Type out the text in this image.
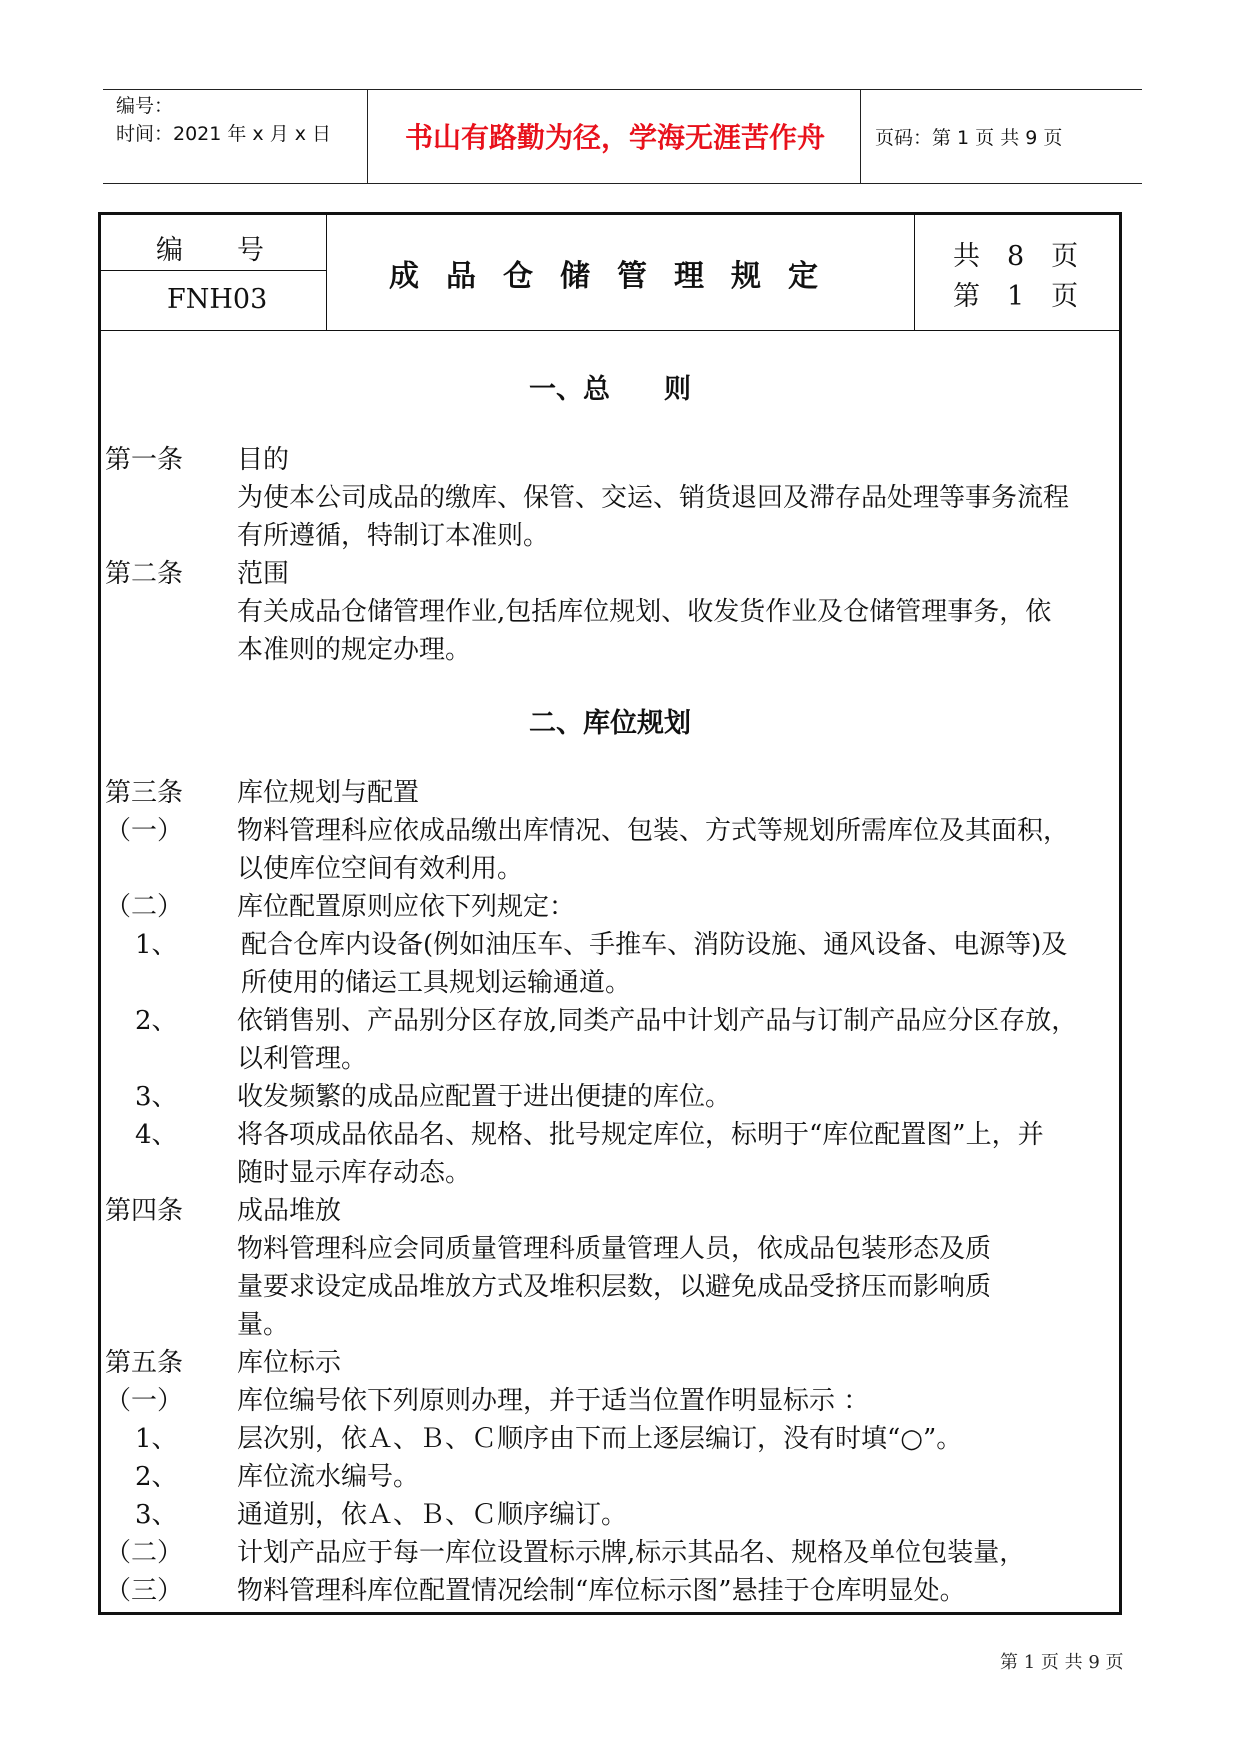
编号：
时间：2021 年 x 月 x 日	书山有路勤为径，学海无涯苦作舟	页码：第 1 页 共 9 页
编　　号
FNH03
成品仓储管理规定
共　8　页
第　1　页
一、总　　则
二、库位规划
第一条 目的
为使本公司成品的缴库、保管、交运、销货退回及滞存品处理等事务流程
有所遵循，特制订本准则。
第二条 范围
有关成品仓储管理作业,包括库位规划、收发货作业及仓储管理事务，依
本准则的规定办理。
第三条 库位规划与配置
（一） 物料管理科应依成品缴出库情况、包装、方式等规划所需库位及其面积，
以使库位空间有效利用。
（二） 库位配置原则应依下列规定：
1、 配合仓库内设备(例如油压车、手推车、消防设施、通风设备、电源等)及
所使用的储运工具规划运输通道。
2、 依销售别、产品别分区存放,同类产品中计划产品与订制产品应分区存放，
以利管理。
3、 收发频繁的成品应配置于进出便捷的库位。
4、 将各项成品依品名、规格、批号规定库位，标明于“库位配置图”上，并
随时显示库存动态。
第四条 成品堆放
物料管理科应会同质量管理科质量管理人员，依成品包装形态及质
量要求设定成品堆放方式及堆积层数，以避免成品受挤压而影响质
量。
第五条 库位标示
（一） 库位编号依下列原则办理，并于适当位置作明显标示 ：
1、 层次别，依Ａ、Ｂ、Ｃ顺序由下而上逐层编订，没有时填“○”。
2、 库位流水编号。
3、 通道别，依Ａ、Ｂ、Ｃ顺序编订。
（二） 计划产品应于每一库位设置标示牌,标示其品名、规格及单位包装量，
（三） 物料管理科库位配置情况绘制“库位标示图”悬挂于仓库明显处。
第 1 页 共 9 页
